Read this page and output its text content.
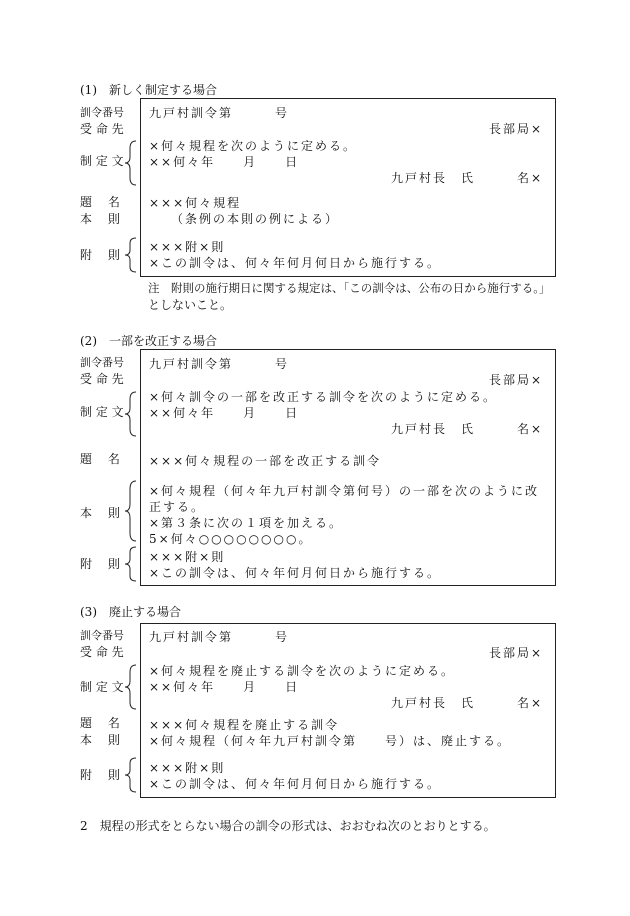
(1)　新しく制定する場合
訓令番号
受 命 先
制 定 文
題　 名
本　 則
附　 則
九戸村訓令第　　　号
長部局×
×何々規程を次のように定める。
××何々年　　月　　日
九戸村長　氏　　　名×
×××何々規程
　　（条例の本則の例による）
×××附×則
×この訓令は、何々年何月何日から施行する。
注　附則の施行期日に関する規定は、「この訓令は、公布の日から施行する。」
としないこと。
(2)　一部を改正する場合
訓令番号
受 命 先
制 定 文
題　 名
本　 則
附　 則
九戸村訓令第　　　号
長部局×
×何々訓令の一部を改正する訓令を次のように定める。
××何々年　　月　　日
九戸村長　氏　　　名×
×××何々規程の一部を改正する訓令
×何々規程（何々年九戸村訓令第何号）の一部を次のように改
正する。
×第３条に次の１項を加える。
5×何々○○○○○○○○。
×××附×則
×この訓令は、何々年何月何日から施行する。
(3)　廃止する場合
訓令番号
受 命 先
制 定 文
題　 名
本　 則
附　 則
九戸村訓令第　　　号
長部局×
×何々規程を廃止する訓令を次のように定める。
××何々年　　月　　日
九戸村長　氏　　　名×
×××何々規程を廃止する訓令
×何々規程（何々年九戸村訓令第　　号）は、廃止する。
×××附×則
×この訓令は、何々年何月何日から施行する。
2　規程の形式をとらない場合の訓令の形式は、おおむね次のとおりとする。
